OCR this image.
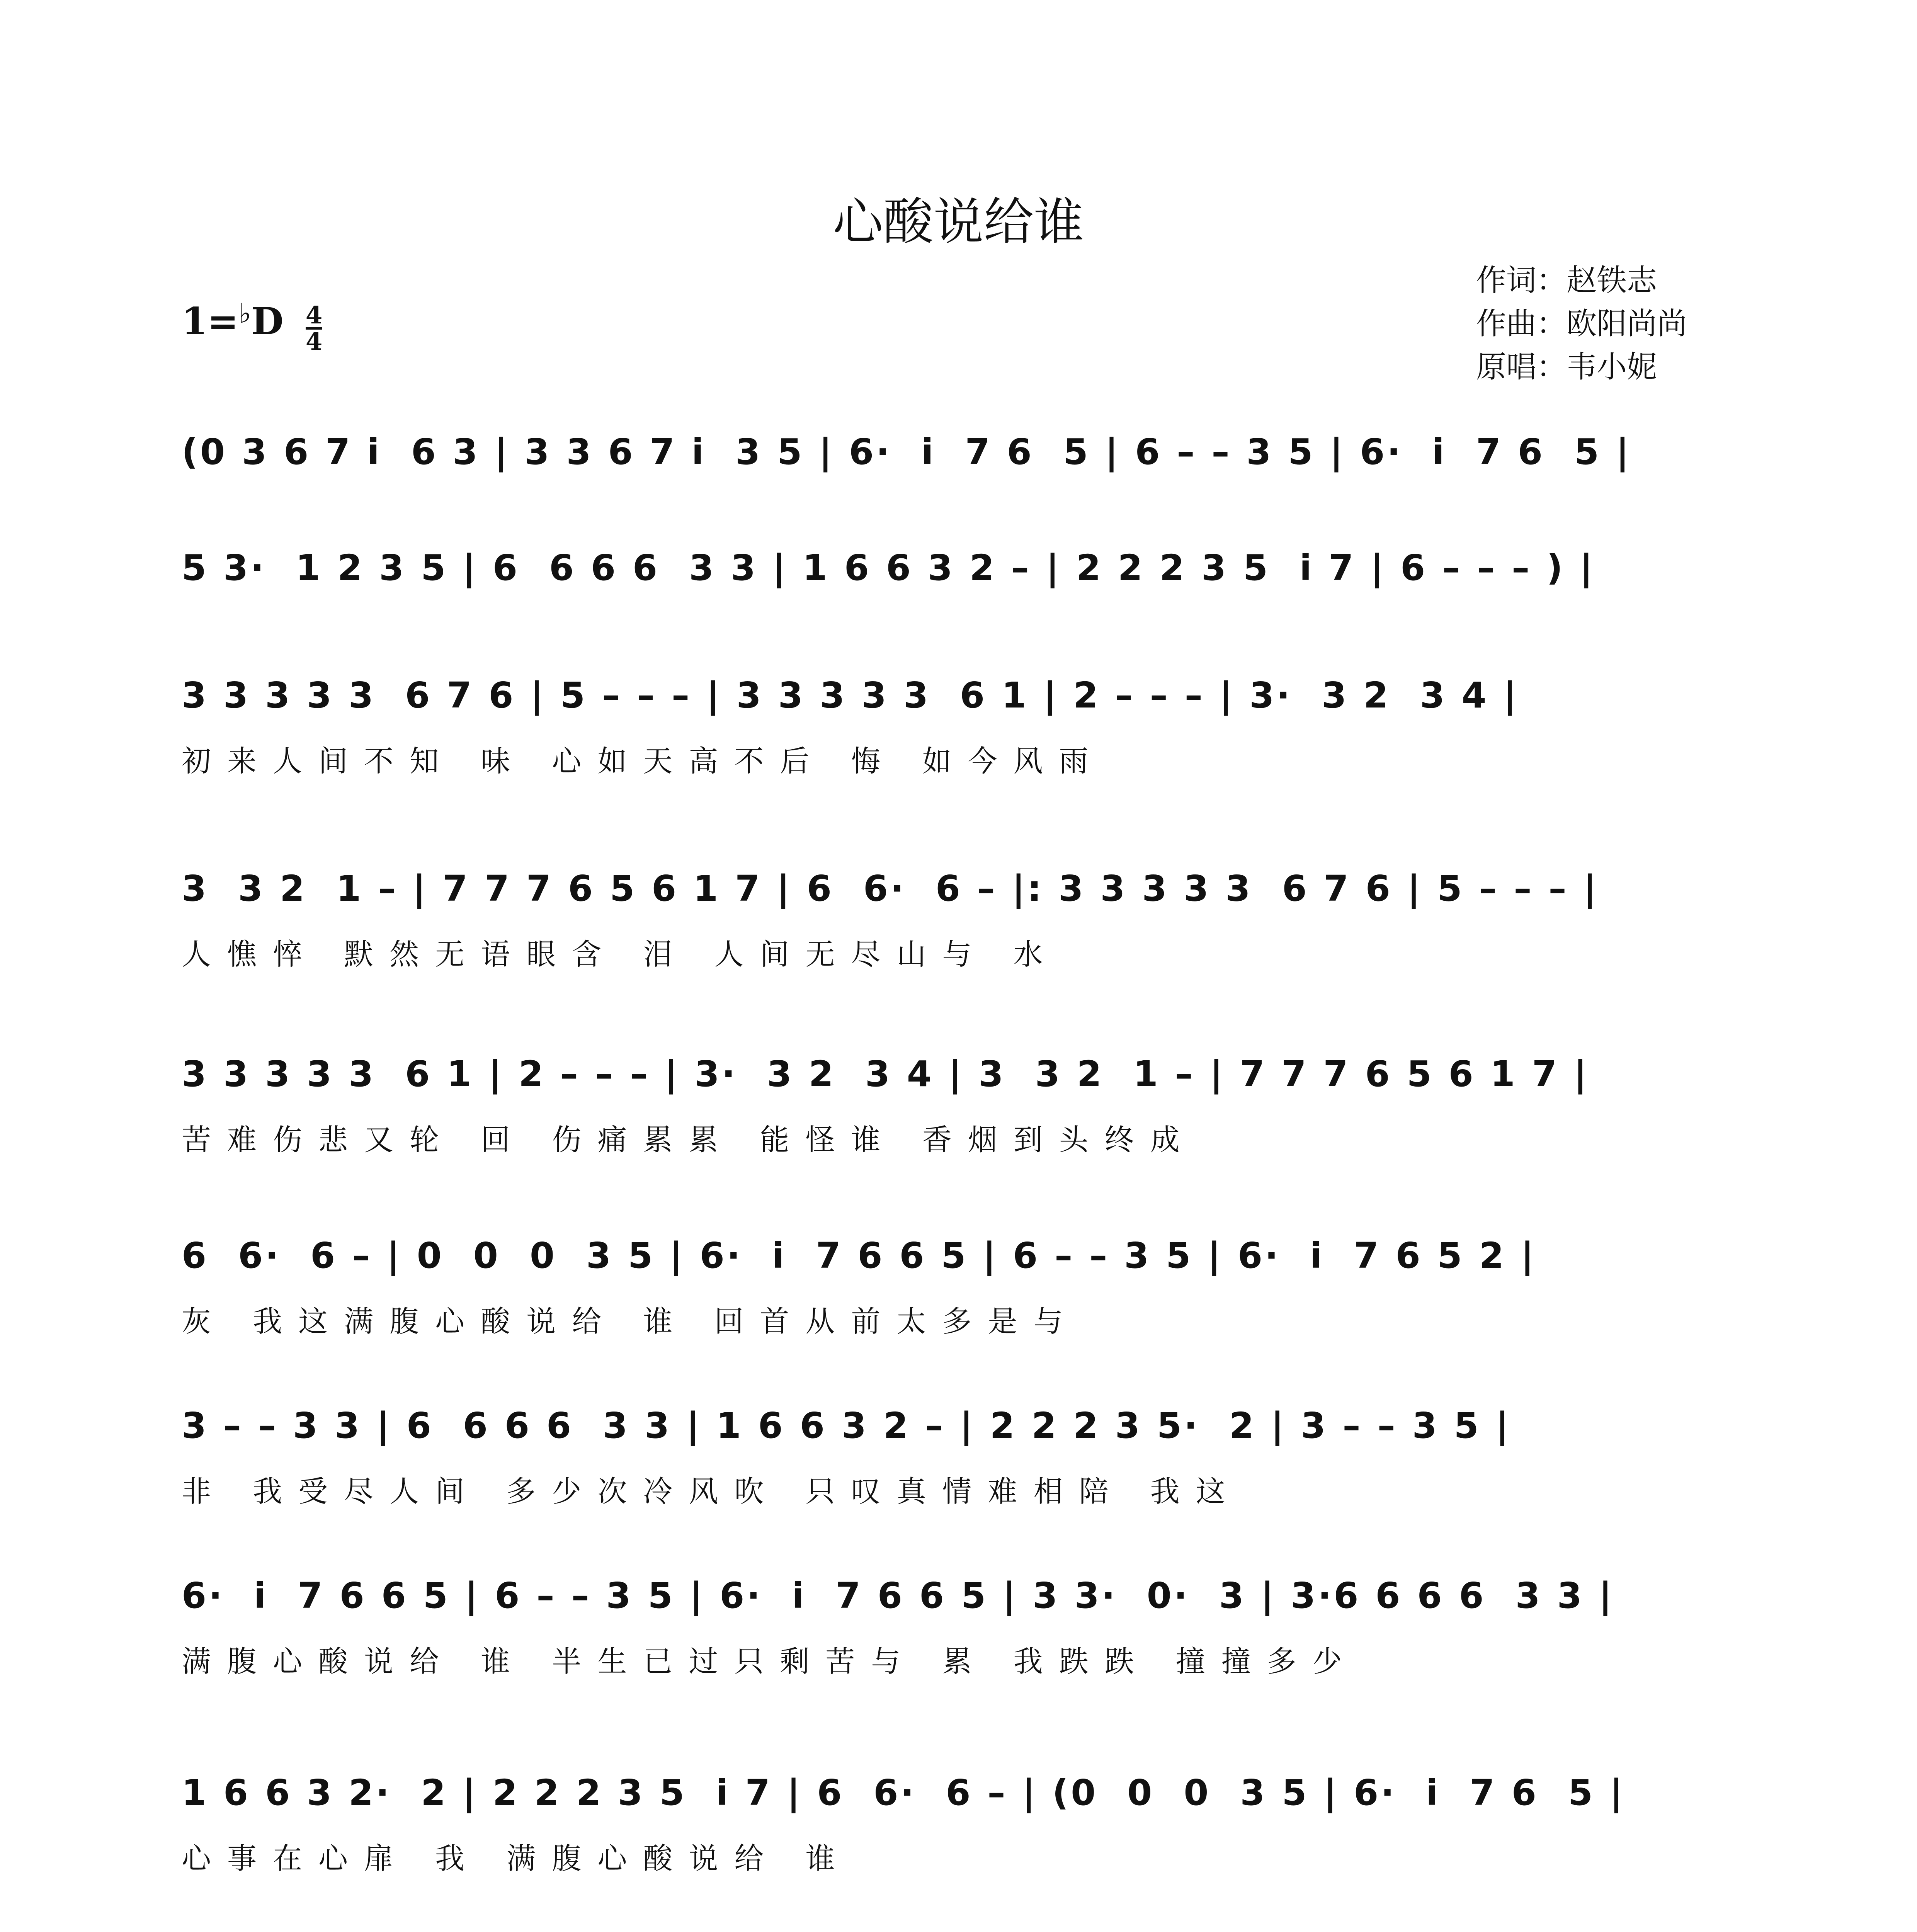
心酸说给谁
作词：赵铁志
作曲：欧阳尚尚
原唱：韦小妮
$1=^♭D \frac{4}{4}$
(0 3 6 7 i  6 3 | 3 3 6 7 i  3 5 | 6·  i  7 6  5 | 6 – – 3 5 | 6·  i  7 6  5 |
5 3·  1 2 3 5 | 6  6 6 6  3 3 | 1 6 6 3 2 – | 2 2 2 3 5  i 7 | 6 – – – ) |
3 3 3 3 3  6 7 6 | 5 – – – | 3 3 3 3 3  6 1 | 2 – – – | 3·  3 2  3 4 |
初来人间不知 味 心如天高不后 悔 如今风雨
3  3 2  1 – | 7 7 7 6 5 6 1 7 | 6  6·  6 – |: 3 3 3 3 3  6 7 6 | 5 – – – |
人憔悴 默然无语眼含 泪 人间无尽山与 水
3 3 3 3 3  6 1 | 2 – – – | 3·  3 2  3 4 | 3  3 2  1 – | 7 7 7 6 5 6 1 7 |
苦难伤悲又轮 回 伤痛累累 能怪谁 香烟到头终成
6  6·  6 – | 0  0  0  3 5 | 6·  i  7 6 6 5 | 6 – – 3 5 | 6·  i  7 6 5 2 |
灰 我这满腹心酸说给 谁 回首从前太多是与
3 – – 3 3 | 6  6 6 6  3 3 | 1 6 6 3 2 – | 2 2 2 3 5·  2 | 3 – – 3 5 |
非 我受尽人间 多少次冷风吹 只叹真情难相陪 我这
6·  i  7 6 6 5 | 6 – – 3 5 | 6·  i  7 6 6 5 | 3 3·  0·  3 | 3·6 6 6 6  3 3 |
满腹心酸说给 谁 半生已过只剩苦与 累 我跌跌 撞撞多少
1 6 6 3 2·  2 | 2 2 2 3 5  i 7 | 6  6·  6 – | (0  0  0  3 5 | 6·  i  7 6  5 |
心事在心扉 我 满腹心酸说给 谁
